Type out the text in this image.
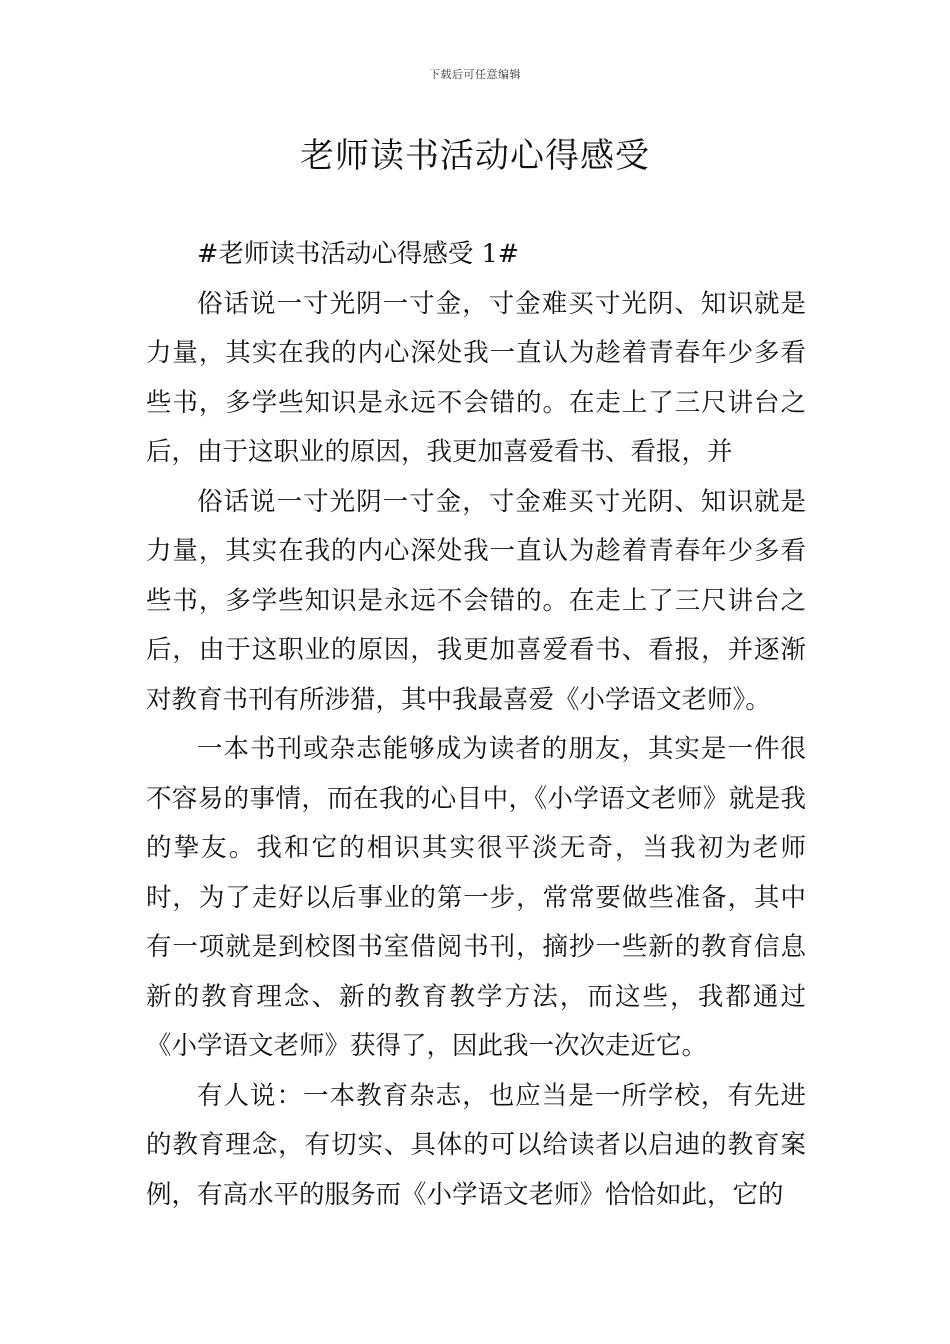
下载后可任意编辑
老师读书活动心得感受

#老师读书活动心得感受 1#

俗话说一寸光阴一寸金，寸金难买寸光阴、知识就是力量，其实在我的内心深处我一直认为趁着青春年少多看些书，多学些知识是永远不会错的。在走上了三尺讲台之后，由于这职业的原因，我更加喜爱看书、看报，并

俗话说一寸光阴一寸金，寸金难买寸光阴、知识就是力量，其实在我的内心深处我一直认为趁着青春年少多看些书，多学些知识是永远不会错的。在走上了三尺讲台之后，由于这职业的原因，我更加喜爱看书、看报，并逐渐对教育书刊有所涉猎，其中我最喜爱《小学语文老师》。

一本书刊或杂志能够成为读者的朋友，其实是一件很不容易的事情，而在我的心目中，《小学语文老师》就是我的挚友。我和它的相识其实很平淡无奇，当我初为老师时，为了走好以后事业的第一步，常常要做些准备，其中有一项就是到校图书室借阅书刊，摘抄一些新的教育信息新的教育理念、新的教育教学方法，而这些，我都通过《小学语文老师》获得了，因此我一次次走近它。

有人说：一本教育杂志，也应当是一所学校，有先进的教育理念，有切实、具体的可以给读者以启迪的教育案例，有高水平的服务而《小学语文老师》恰恰如此，它的
